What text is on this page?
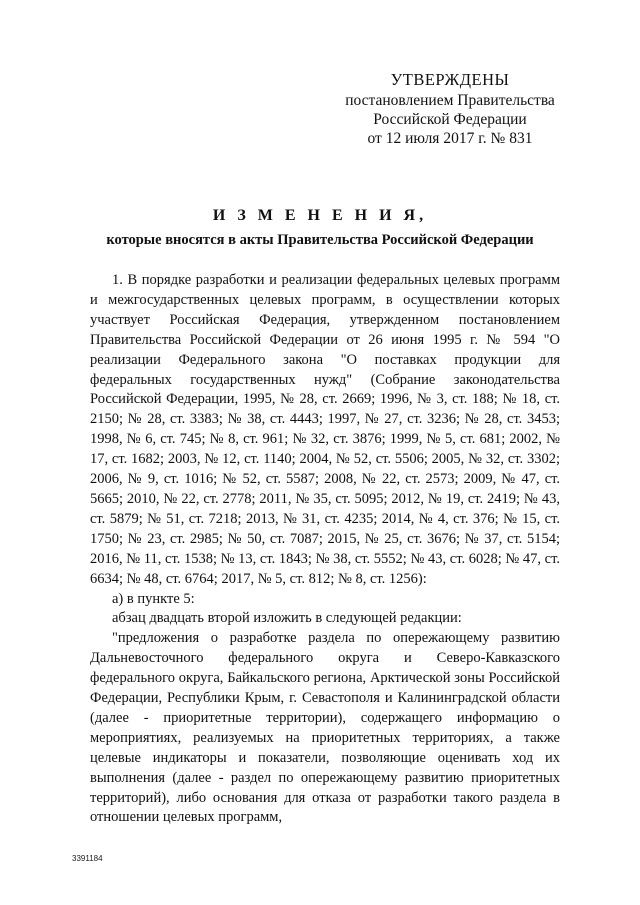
УТВЕРЖДЕНЫ
постановлением Правительства
Российской Федерации
от 12 июля 2017 г. № 831
И З М Е Н Е Н И Я,
которые вносятся в акты Правительства Российской Федерации

1. В порядке разработки и реализации федеральных целевых программ и межгосударственных целевых программ, в осуществлении которых участвует Российская Федерация, утвержденном постановлением Правительства Российской Федерации от 26 июня 1995 г. № 594 "О реализации Федерального закона "О поставках продукции для федеральных государственных нужд" (Собрание законодательства Российской Федерации, 1995, № 28, ст. 2669; 1996, № 3, ст. 188; № 18, ст. 2150; № 28, ст. 3383; № 38, ст. 4443; 1997, № 27, ст. 3236; № 28, ст. 3453; 1998, № 6, ст. 745; № 8, ст. 961; № 32, ст. 3876; 1999, № 5, ст. 681; 2002, № 17, ст. 1682; 2003, № 12, ст. 1140; 2004, № 52, ст. 5506; 2005, № 32, ст. 3302; 2006, № 9, ст. 1016; № 52, ст. 5587; 2008, № 22, ст. 2573; 2009, № 47, ст. 5665; 2010, № 22, ст. 2778; 2011, № 35, ст. 5095; 2012, № 19, ст. 2419; № 43, ст. 5879; № 51, ст. 7218; 2013, № 31, ст. 4235; 2014, № 4, ст. 376; № 15, ст. 1750; № 23, ст. 2985; № 50, ст. 7087; 2015, № 25, ст. 3676; № 37, ст. 5154; 2016, № 11, ст. 1538; № 13, ст. 1843; № 38, ст. 5552; № 43, ст. 6028; № 47, ст. 6634; № 48, ст. 6764; 2017, № 5, ст. 812; № 8, ст. 1256):

а) в пункте 5:

абзац двадцать второй изложить в следующей редакции:

"предложения о разработке раздела по опережающему развитию Дальневосточного федерального округа и Северо-Кавказского федерального округа, Байкальского региона, Арктической зоны Российской Федерации, Республики Крым, г. Севастополя и Калининградской области (далее - приоритетные территории), содержащего информацию о мероприятиях, реализуемых на приоритетных территориях, а также целевые индикаторы и показатели, позволяющие оценивать ход их выполнения (далее - раздел по опережающему развитию приоритетных территорий), либо основания для отказа от разработки такого раздела в отношении целевых программ,

3391184
